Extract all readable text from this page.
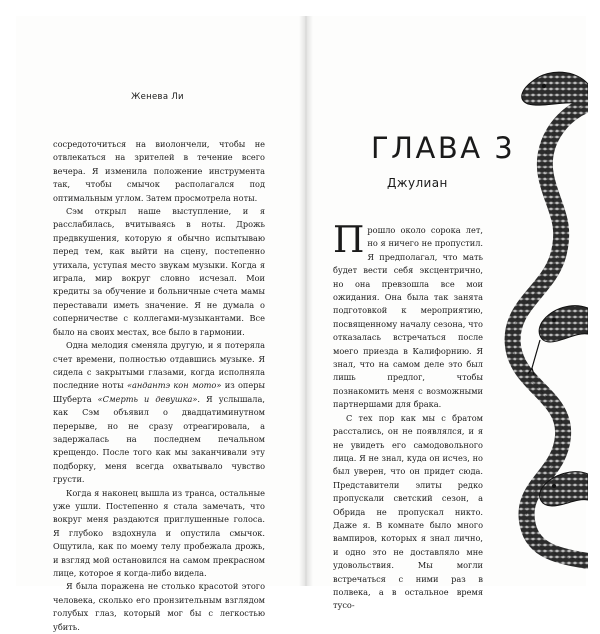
Женева Ли

сосредоточиться на виолончели, чтобы не отвлекаться на зрителей в течение всего вечера. Я изменила положение инструмента так, чтобы смычок располагался под оптимальным углом. Затем просмотрела ноты.

Сэм открыл наше выступление, и я расслабилась, вчитываясь в ноты. Дрожь предвкушения, которую я обычно испытываю перед тем, как выйти на сцену, постепенно утихала, уступая место звукам музыки. Когда я играла, мир вокруг словно исчезал. Мои кредиты за обучение и больничные счета мамы переставали иметь значение. Я не думала о соперничестве с коллегами-музыкантами. Все было на своих местах, все было в гармонии.

Одна мелодия сменяла другую, и я потеряла счет времени, полностью отдавшись музыке. Я сидела с закрытыми глазами, когда исполняла последние ноты «андантэ кон мото» из оперы Шуберта «Смерть и девушка». Я услышала, как Сэм объявил о двадцатиминутном перерыве, но не сразу отреагировала, а задержалась на последнем печальном крещендо. После того как мы заканчивали эту подборку, меня всегда охватывало чувство грусти.

Когда я наконец вышла из транса, остальные уже ушли. Постепенно я стала замечать, что вокруг меня раздаются приглушенные голоса. Я глубоко вздохнула и опустила смычок. Ощутила, как по моему телу пробежала дрожь, и взгляд мой остановился на самом прекрасном лице, которое я когда-либо видела.

Я была поражена не столько красотой этого человека, сколько его пронзительным взглядом голубых глаз, который мог бы с легкостью убить.

ГЛАВА 3
Джулиан

Прошло около сорока лет, но я ничего не пропустил. Я предполагал, что мать будет вести себя эксцентрично, но она превзошла все мои ожидания. Она была так занята подготовкой к мероприятию, посвященному началу сезона, что отказалась встречаться после моего приезда в Калифорнию. Я знал, что на самом деле это был лишь предлог, чтобы познакомить меня с возможными партнершами для брака.

С тех пор как мы с братом расстались, он не появлялся, и я не увидеть его самодовольного лица. Я не знал, куда он исчез, но был уверен, что он придет сюда. Представители элиты редко пропускали светский сезон, а Обрида не пропускал никто. Даже я. В комнате было много вампиров, которых я знал лично, и одно это не доставляло мне удовольствия. Мы могли встречаться с ними раз в полвека, а в остальное время тусо-
